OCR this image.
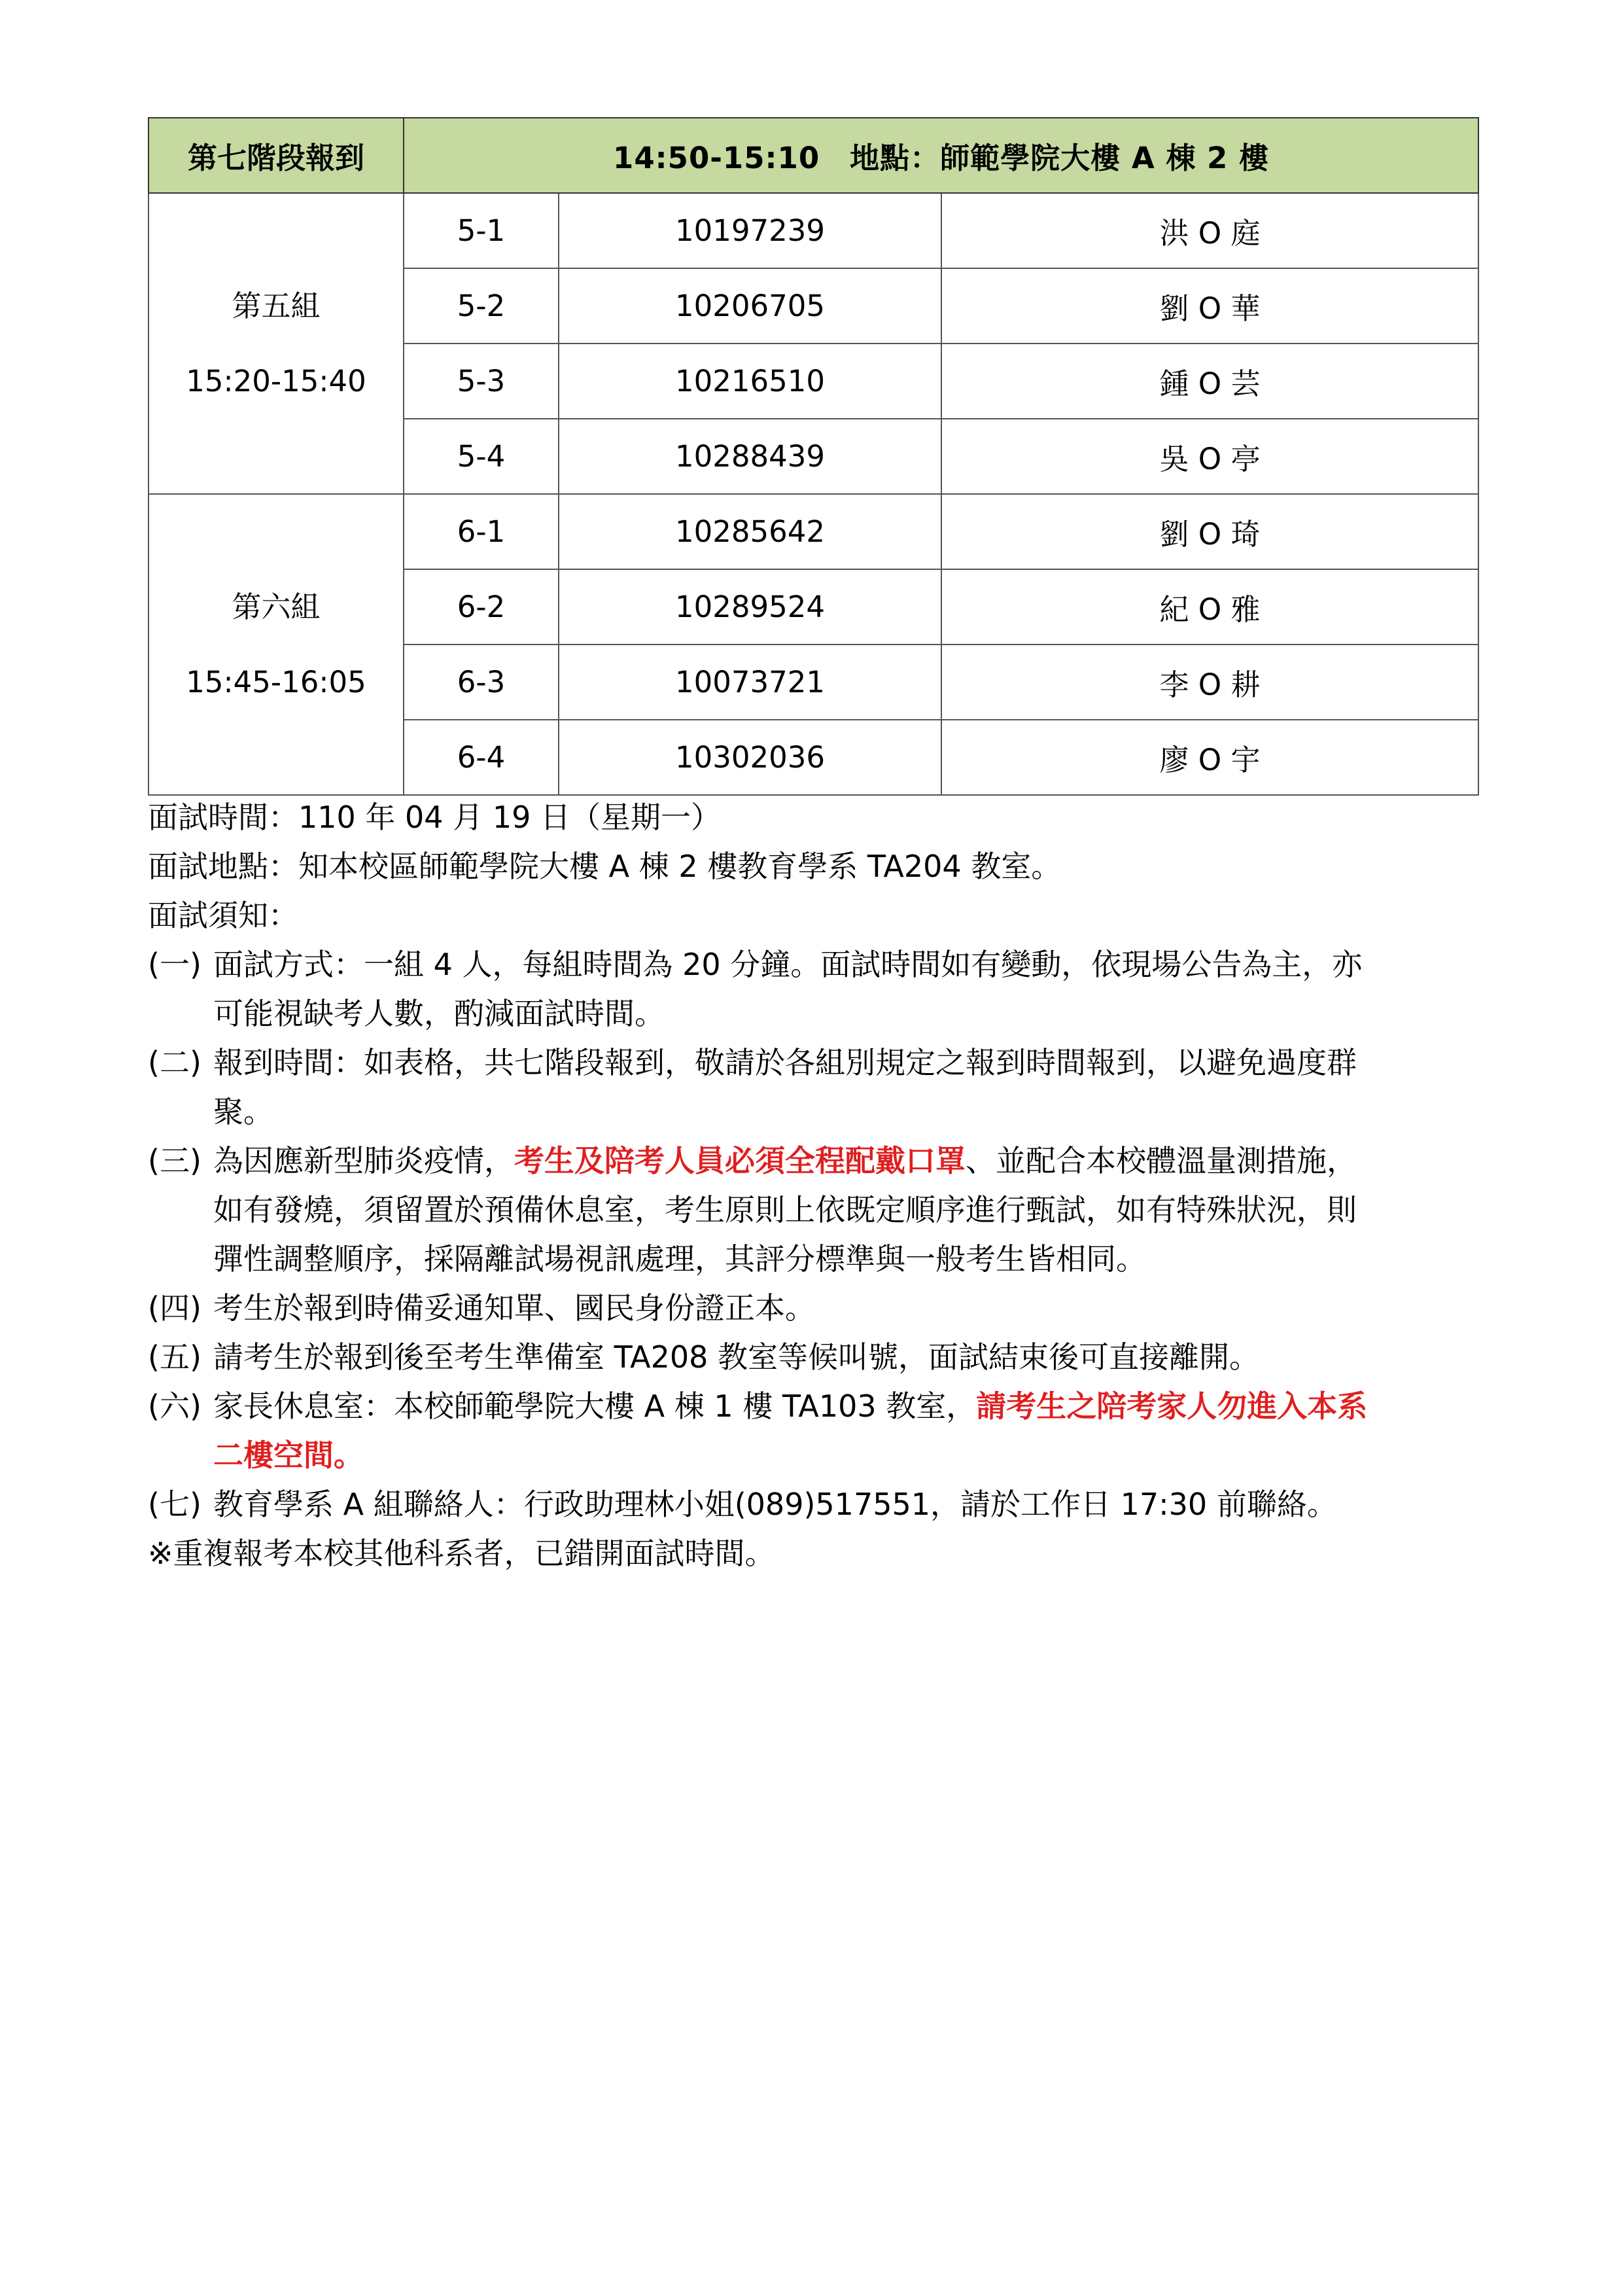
第七階段報到	14:50-15:10　地點：師範學院大樓 A 棟 2 樓		

第五組
15:20-15:40	5-1	10197239	洪 O 庭
	5-2	10206705	劉 O 華
	5-3	10216510	鍾 O 芸
	5-4	10288439	吳 O 亭

第六組
15:45-16:05	6-1	10285642	劉 O 琦
	6-2	10289524	紀 O 雅
	6-3	10073721	李 O 耕
	6-4	10302036	廖 O 宇

面試時間：110 年 04 月 19 日（星期一）

面試地點：知本校區師範學院大樓 A 棟 2 樓教育學系 TA204 教室。

面試須知：

(一) 面試方式：一組 4 人，每組時間為 20 分鐘。面試時間如有變動，依現場公告為主，亦
可能視缺考人數，酌減面試時間。
(二) 報到時間：如表格，共七階段報到，敬請於各組別規定之報到時間報到，以避免過度群
聚。
(三) 為因應新型肺炎疫情，考生及陪考人員必須全程配戴口罩、並配合本校體溫量測措施，
如有發燒，須留置於預備休息室，考生原則上依既定順序進行甄試，如有特殊狀況，則
彈性調整順序，採隔離試場視訊處理，其評分標準與一般考生皆相同。
(四) 考生於報到時備妥通知單、國民身份證正本。
(五) 請考生於報到後至考生準備室 TA208 教室等候叫號，面試結束後可直接離開。
(六) 家長休息室：本校師範學院大樓 A 棟 1 樓 TA103 教室，請考生之陪考家人勿進入本系
二樓空間。
(七) 教育學系 A 組聯絡人：行政助理林小姐(089)517551，請於工作日 17:30 前聯絡。

※重複報考本校其他科系者，已錯開面試時間。
